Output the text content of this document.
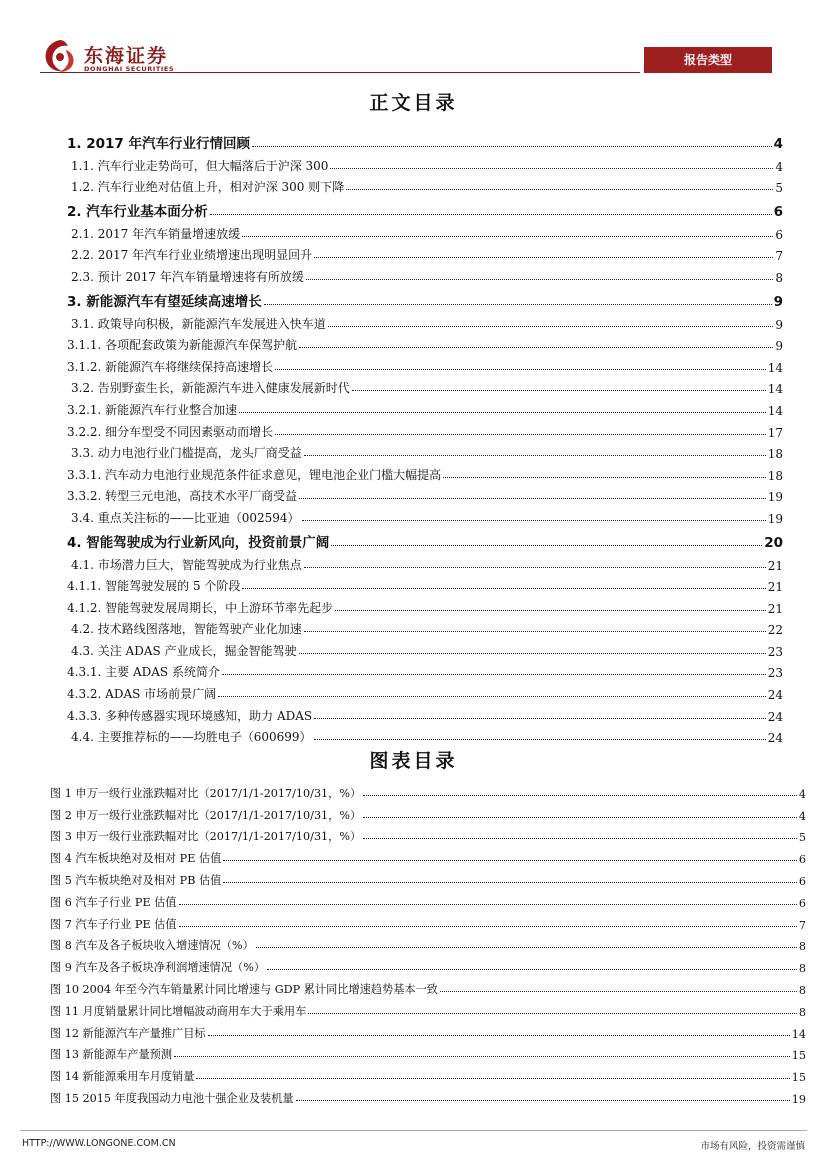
东海证券
DONGHAI SECURITIES
报告类型
正文目录
1. 2017 年汽车行业行情回顾	4
1.1. 汽车行业走势尚可，但大幅落后于沪深 300	4
1.2. 汽车行业绝对估值上升，相对沪深 300 则下降	5
2. 汽车行业基本面分析	6
2.1. 2017 年汽车销量增速放缓	6
2.2. 2017 年汽车行业业绩增速出现明显回升	7
2.3. 预计 2017 年汽车销量增速将有所放缓	8
3. 新能源汽车有望延续高速增长	9
3.1. 政策导向积极，新能源汽车发展进入快车道	9
3.1.1. 各项配套政策为新能源汽车保驾护航	9
3.1.2. 新能源汽车将继续保持高速增长	14
3.2. 告别野蛮生长，新能源汽车进入健康发展新时代	14
3.2.1. 新能源汽车行业整合加速	14
3.2.2. 细分车型受不同因素驱动而增长	17
3.3. 动力电池行业门槛提高，龙头厂商受益	18
3.3.1. 汽车动力电池行业规范条件征求意见，锂电池企业门槛大幅提高	18
3.3.2. 转型三元电池，高技术水平厂商受益	19
3.4. 重点关注标的——比亚迪（002594）	19
4. 智能驾驶成为行业新风向，投资前景广阔	20
4.1. 市场潜力巨大，智能驾驶成为行业焦点	21
4.1.1. 智能驾驶发展的 5 个阶段	21
4.1.2. 智能驾驶发展周期长，中上游环节率先起步	21
4.2. 技术路线图落地，智能驾驶产业化加速	22
4.3. 关注 ADAS 产业成长，掘金智能驾驶	23
4.3.1. 主要 ADAS 系统简介	23
4.3.2. ADAS 市场前景广阔	24
4.3.3. 多种传感器实现环境感知，助力 ADAS	24
4.4. 主要推荐标的——均胜电子（600699）	24
图表目录
图 1 申万一级行业涨跌幅对比（2017/1/1-2017/10/31，%）	4
图 2 申万一级行业涨跌幅对比（2017/1/1-2017/10/31，%）	4
图 3 申万一级行业涨跌幅对比（2017/1/1-2017/10/31，%）	5
图 4 汽车板块绝对及相对 PE 估值	6
图 5 汽车板块绝对及相对 PB 估值	6
图 6 汽车子行业 PE 估值	6
图 7 汽车子行业 PE 估值	7
图 8 汽车及各子板块收入增速情况（%）	8
图 9 汽车及各子板块净利润增速情况（%）	8
图 10 2004 年至今汽车销量累计同比增速与 GDP 累计同比增速趋势基本一致	8
图 11 月度销量累计同比增幅波动商用车大于乘用车	8
图 12 新能源汽车产量推广目标	14
图 13 新能源车产量预测	15
图 14 新能源乘用车月度销量	15
图 15 2015 年度我国动力电池十强企业及装机量	19
HTTP://WWW.LONGONE.COM.CN	市场有风险，投资需谨慎
